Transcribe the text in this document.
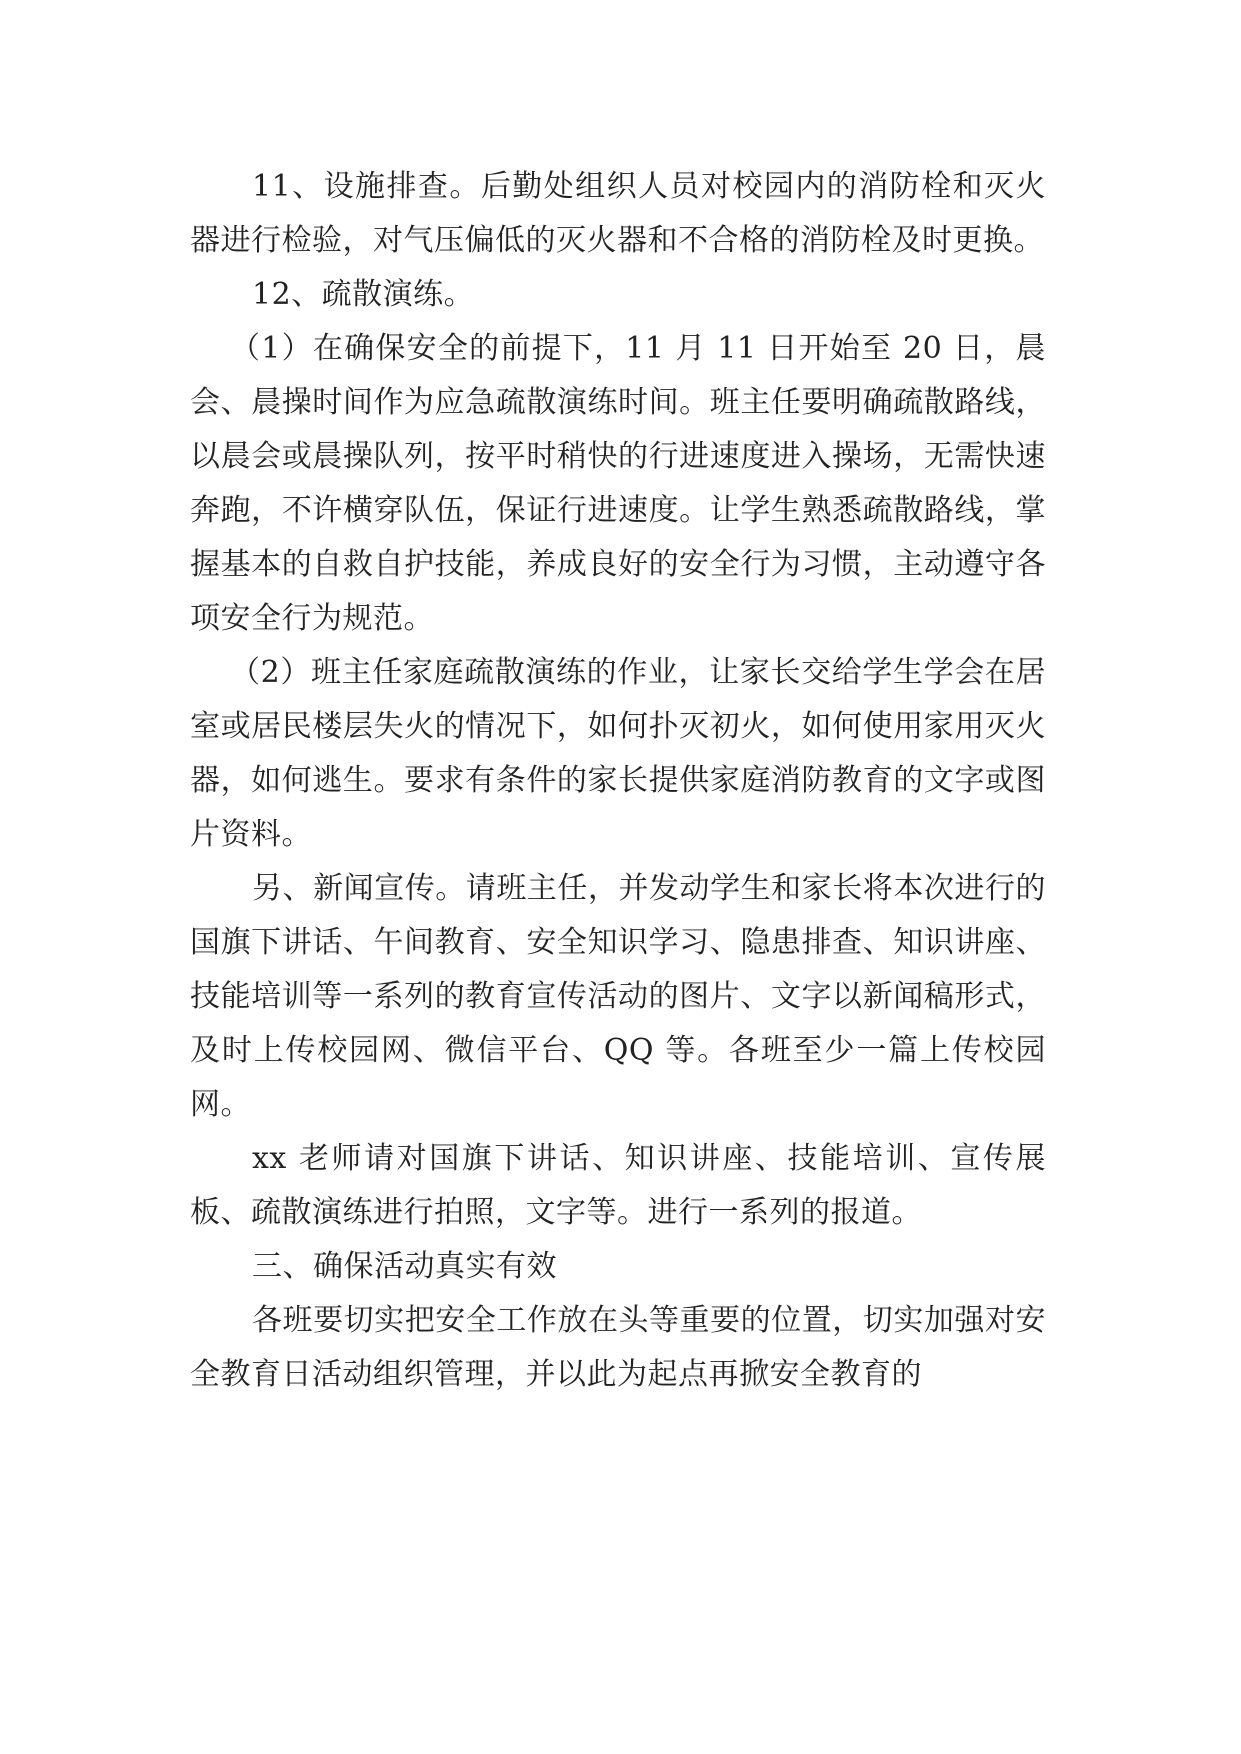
11、设施排查。后勤处组织人员对校园内的消防栓和灭火器进行检验，对气压偏低的灭火器和不合格的消防栓及时更换。

12、疏散演练。

（1）在确保安全的前提下，11 月 11 日开始至 20 日，晨会、晨操时间作为应急疏散演练时间。班主任要明确疏散路线，以晨会或晨操队列，按平时稍快的行进速度进入操场，无需快速奔跑，不许横穿队伍，保证行进速度。让学生熟悉疏散路线，掌握基本的自救自护技能，养成良好的安全行为习惯，主动遵守各项安全行为规范。

（2）班主任家庭疏散演练的作业，让家长交给学生学会在居室或居民楼层失火的情况下，如何扑灭初火，如何使用家用灭火器，如何逃生。要求有条件的家长提供家庭消防教育的文字或图片资料。

另、新闻宣传。请班主任，并发动学生和家长将本次进行的国旗下讲话、午间教育、安全知识学习、隐患排查、知识讲座、技能培训等一系列的教育宣传活动的图片、文字以新闻稿形式，及时上传校园网、微信平台、QQ 等。各班至少一篇上传校园网。

xx 老师请对国旗下讲话、知识讲座、技能培训、宣传展板、疏散演练进行拍照，文字等。进行一系列的报道。

三、确保活动真实有效

各班要切实把安全工作放在头等重要的位置，切实加强对安全教育日活动组织管理，并以此为起点再掀安全教育的
